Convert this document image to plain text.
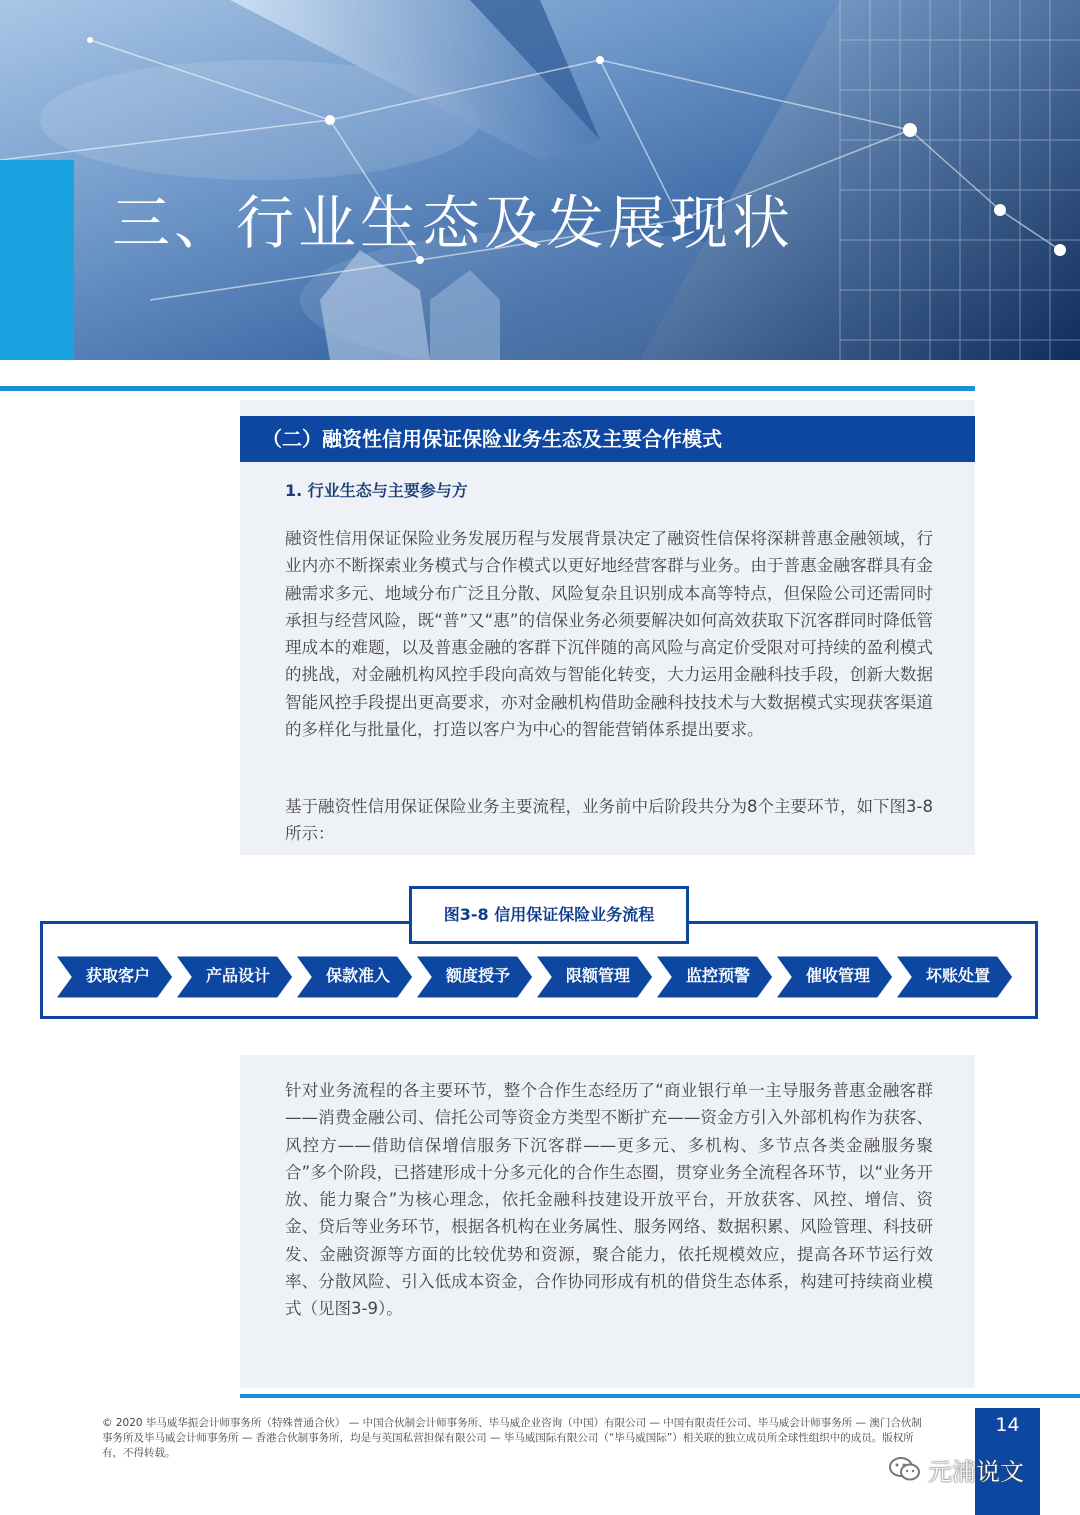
三、行业生态及发展现状
（二）融资性信用保证保险业务生态及主要合作模式
1. 行业生态与主要参与方

融资性信用保证保险业务发展历程与发展背景决定了融资性信保将深耕普惠金融领域，行业内亦不断探索业务模式与合作模式以更好地经营客群与业务。由于普惠金融客群具有金融需求多元、地域分布广泛且分散、风险复杂且识别成本高等特点，但保险公司还需同时承担与经营风险，既“普”又“惠”的信保业务必须要解决如何高效获取下沉客群同时降低管理成本的难题，以及普惠金融的客群下沉伴随的高风险与高定价受限对可持续的盈利模式的挑战，对金融机构风控手段向高效与智能化转变，大力运用金融科技手段，创新大数据智能风控手段提出更高要求，亦对金融机构借助金融科技技术与大数据模式实现获客渠道的多样化与批量化，打造以客户为中心的智能营销体系提出要求。

基于融资性信用保证保险业务主要流程，业务前中后阶段共分为8个主要环节，如下图3-8所示：

图3-8 信用保证保险业务流程
获取客户	产品设计	保款准入	额度授予	限额管理	监控预警	催收管理	坏账处置

针对业务流程的各主要环节，整个合作生态经历了“商业银行单一主导服务普惠金融客群——消费金融公司、信托公司等资金方类型不断扩充——资金方引入外部机构作为获客、风控方——借助信保增信服务下沉客群——更多元、多机构、多节点各类金融服务聚合”多个阶段，已搭建形成十分多元化的合作生态圈，贯穿业务全流程各环节，以“业务开放、能力聚合”为核心理念，依托金融科技建设开放平台，开放获客、风控、增信、资金、贷后等业务环节，根据各机构在业务属性、服务网络、数据积累、风险管理、科技研发、金融资源等方面的比较优势和资源，聚合能力，依托规模效应，提高各环节运行效率、分散风险、引入低成本资金，合作协同形成有机的借贷生态体系，构建可持续商业模式（见图3-9）。

© 2020 毕马威华振会计师事务所（特殊普通合伙） — 中国合伙制会计师事务所、毕马威企业咨询（中国）有限公司 — 中国有限责任公司、毕马威会计师事务所 — 澳门合伙制事务所及毕马威会计师事务所 — 香港合伙制事务所，均是与英国私营担保有限公司 — 毕马威国际有限公司（“毕马威国际”）相关联的独立成员所全球性组织中的成员。版权所有，不得转载。

14
元浦说文
